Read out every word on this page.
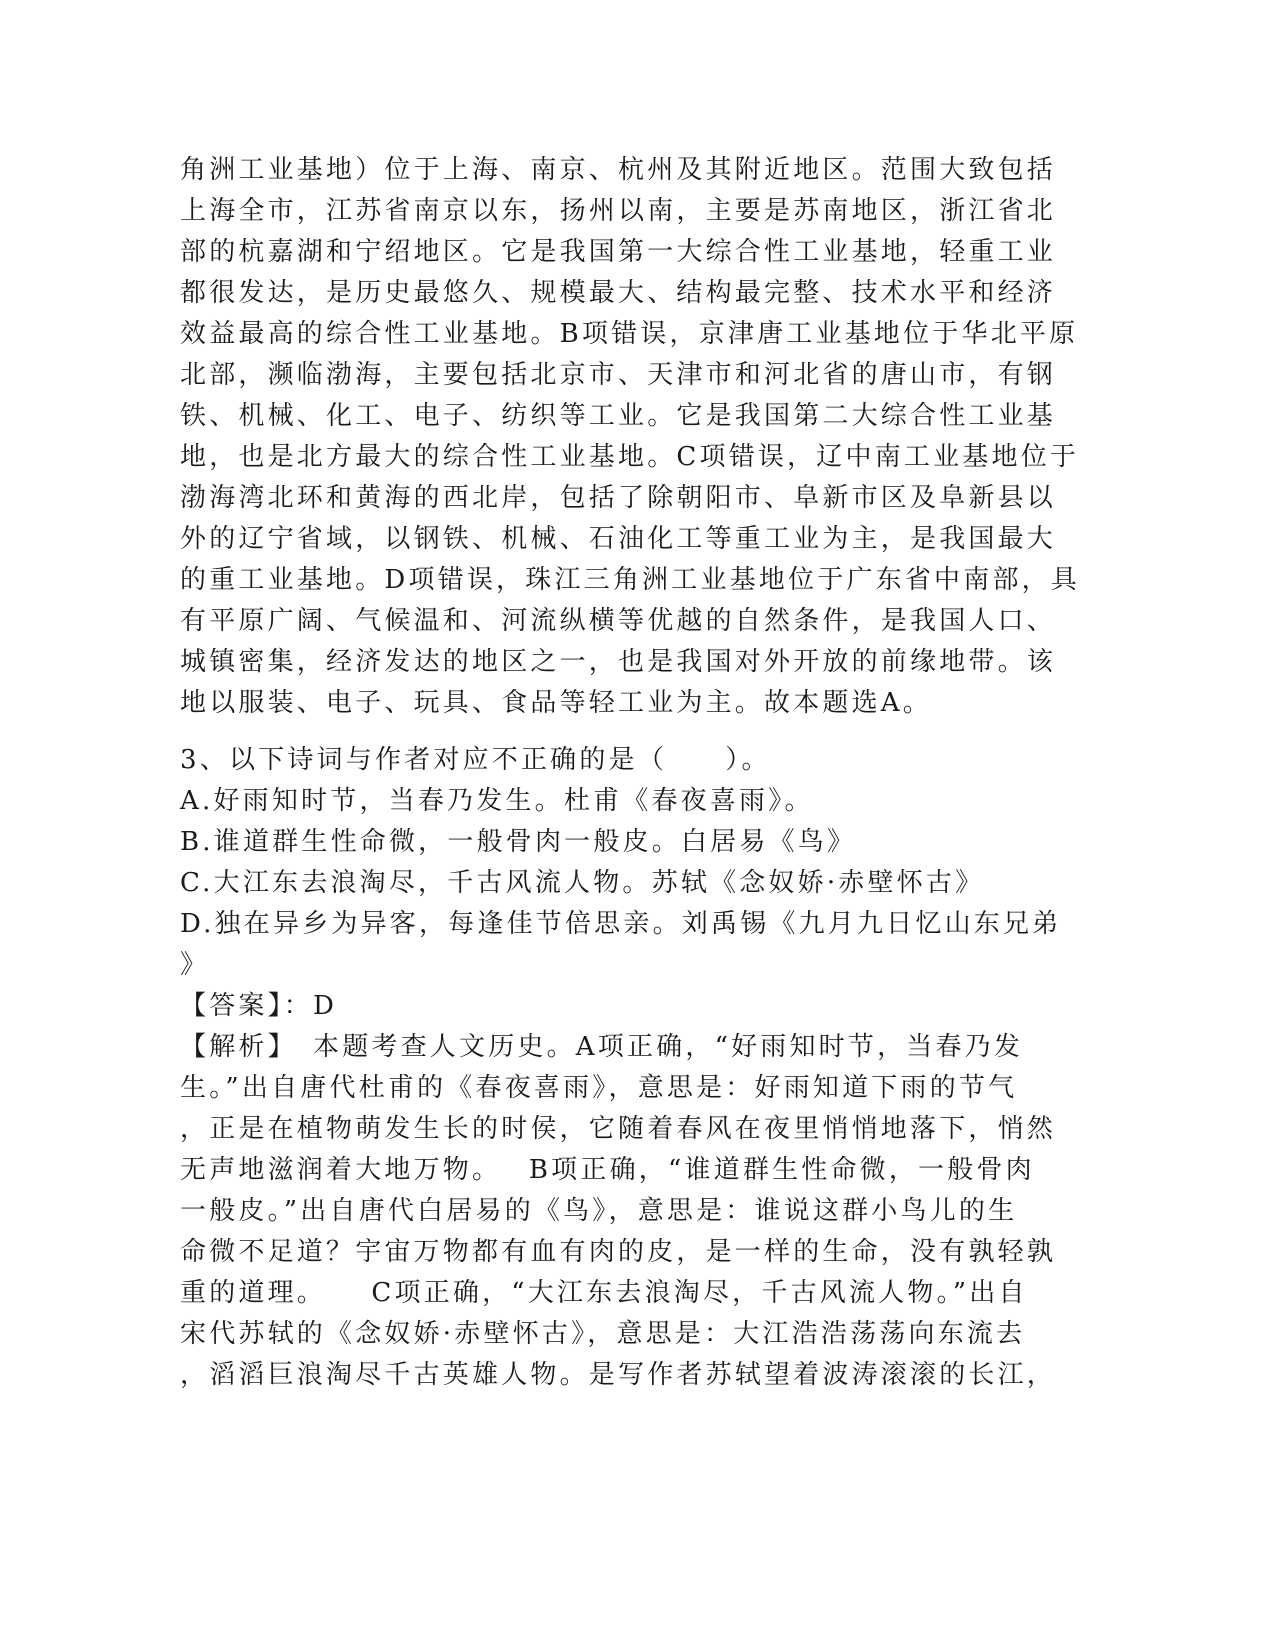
角洲工业基地）位于上海、南京、杭州及其附近地区。范围大致包括
上海全市，江苏省南京以东，扬州以南，主要是苏南地区，浙江省北
部的杭嘉湖和宁绍地区。它是我国第一大综合性工业基地，轻重工业
都很发达，是历史最悠久、规模最大、结构最完整、技术水平和经济
效益最高的综合性工业基地。B项错误，京津唐工业基地位于华北平原
北部，濒临渤海，主要包括北京市、天津市和河北省的唐山市，有钢
铁、机械、化工、电子、纺织等工业。它是我国第二大综合性工业基
地，也是北方最大的综合性工业基地。C项错误，辽中南工业基地位于
渤海湾北环和黄海的西北岸，包括了除朝阳市、阜新市区及阜新县以
外的辽宁省域，以钢铁、机械、石油化工等重工业为主，是我国最大
的重工业基地。D项错误，珠江三角洲工业基地位于广东省中南部，具
有平原广阔、气候温和、河流纵横等优越的自然条件，是我国人口、
城镇密集，经济发达的地区之一，也是我国对外开放的前缘地带。该
地以服装、电子、玩具、食品等轻工业为主。故本题选A。
3、以下诗词与作者对应不正确的是（　　）。
A.好雨知时节，当春乃发生。杜甫《春夜喜雨》。
B.谁道群生性命微，一般骨肉一般皮。白居易《鸟》
C.大江东去浪淘尽，千古风流人物。苏轼《念奴娇·赤壁怀古》
D.独在异乡为异客，每逢佳节倍思亲。刘禹锡《九月九日忆山东兄弟
》
【答案】：D
【解析】　本题考查人文历史。A项正确，“好雨知时节，当春乃发
生。”出自唐代杜甫的《春夜喜雨》，意思是：好雨知道下雨的节气
，正是在植物萌发生长的时侯，它随着春风在夜里悄悄地落下，悄然
无声地滋润着大地万物。　 B项正确，“谁道群生性命微，一般骨肉
一般皮。”出自唐代白居易的《鸟》，意思是：谁说这群小鸟儿的生
命微不足道？宇宙万物都有血有肉的皮，是一样的生命，没有孰轻孰
重的道理。　　C项正确，“大江东去浪淘尽，千古风流人物。”出自
宋代苏轼的《念奴娇·赤壁怀古》，意思是：大江浩浩荡荡向东流去
，滔滔巨浪淘尽千古英雄人物。是写作者苏轼望着波涛滚滚的长江，
